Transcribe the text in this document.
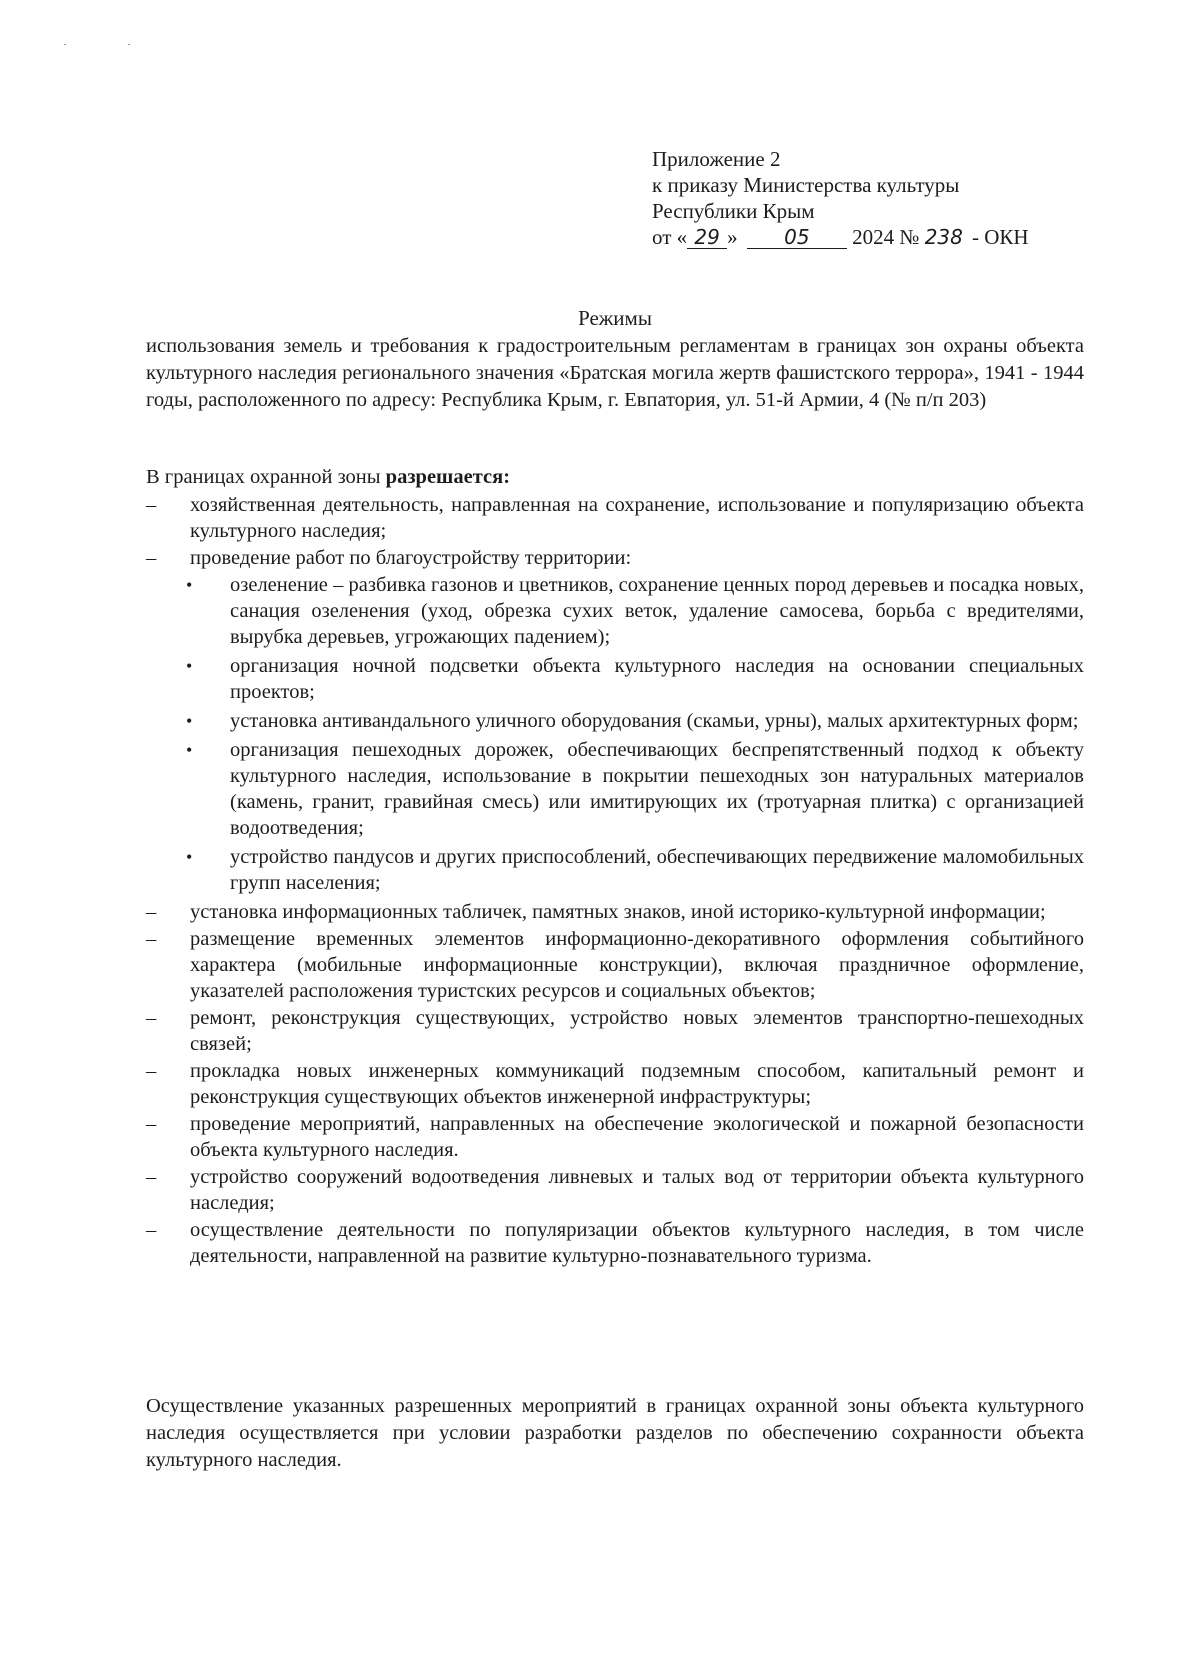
Приложение 2
к приказу Министерства культуры
Республики Крым
от « 29 » 05 2024 № 238 - ОКН
Режимы
использования земель и требования к градостроительным регламентам в границах зон охраны объекта культурного наследия регионального значения «Братская могила жертв фашистского террора», 1941 - 1944 годы, расположенного по адресу: Республика Крым, г. Евпатория, ул. 51-й Армии, 4 (№ п/п 203)
В границах охранной зоны разрешается:
–	хозяйственная деятельность, направленная на сохранение, использование и популяризацию объекта культурного наследия;
–	проведение работ по благоустройству территории:
• озеленение – разбивка газонов и цветников, сохранение ценных пород деревьев и посадка новых, санация озеленения (уход, обрезка сухих веток, удаление самосева, борьба с вредителями, вырубка деревьев, угрожающих падением);
• организация ночной подсветки объекта культурного наследия на основании специальных проектов;
• установка антивандального уличного оборудования (скамьи, урны), малых архитектурных форм;
• организация пешеходных дорожек, обеспечивающих беспрепятственный подход к объекту культурного наследия, использование в покрытии пешеходных зон натуральных материалов (камень, гранит, гравийная смесь) или имитирующих их (тротуарная плитка) с организацией водоотведения;
• устройство пандусов и других приспособлений, обеспечивающих передвижение маломобильных групп населения;
–	установка информационных табличек, памятных знаков, иной историко-культурной информации;
–	размещение временных элементов информационно-декоративного оформления событийного характера (мобильные информационные конструкции), включая праздничное оформление, указателей расположения туристских ресурсов и социальных объектов;
–	ремонт, реконструкция существующих, устройство новых элементов транспортно-пешеходных связей;
–	прокладка новых инженерных коммуникаций подземным способом, капитальный ремонт и реконструкция существующих объектов инженерной инфраструктуры;
–	проведение мероприятий, направленных на обеспечение экологической и пожарной безопасности объекта культурного наследия.
–	устройство сооружений водоотведения ливневых и талых вод от территории объекта культурного наследия;
–	осуществление деятельности по популяризации объектов культурного наследия, в том числе деятельности, направленной на развитие культурно-познавательного туризма.
Осуществление указанных разрешенных мероприятий в границах охранной зоны объекта культурного наследия осуществляется при условии разработки разделов по обеспечению сохранности объекта культурного наследия.
